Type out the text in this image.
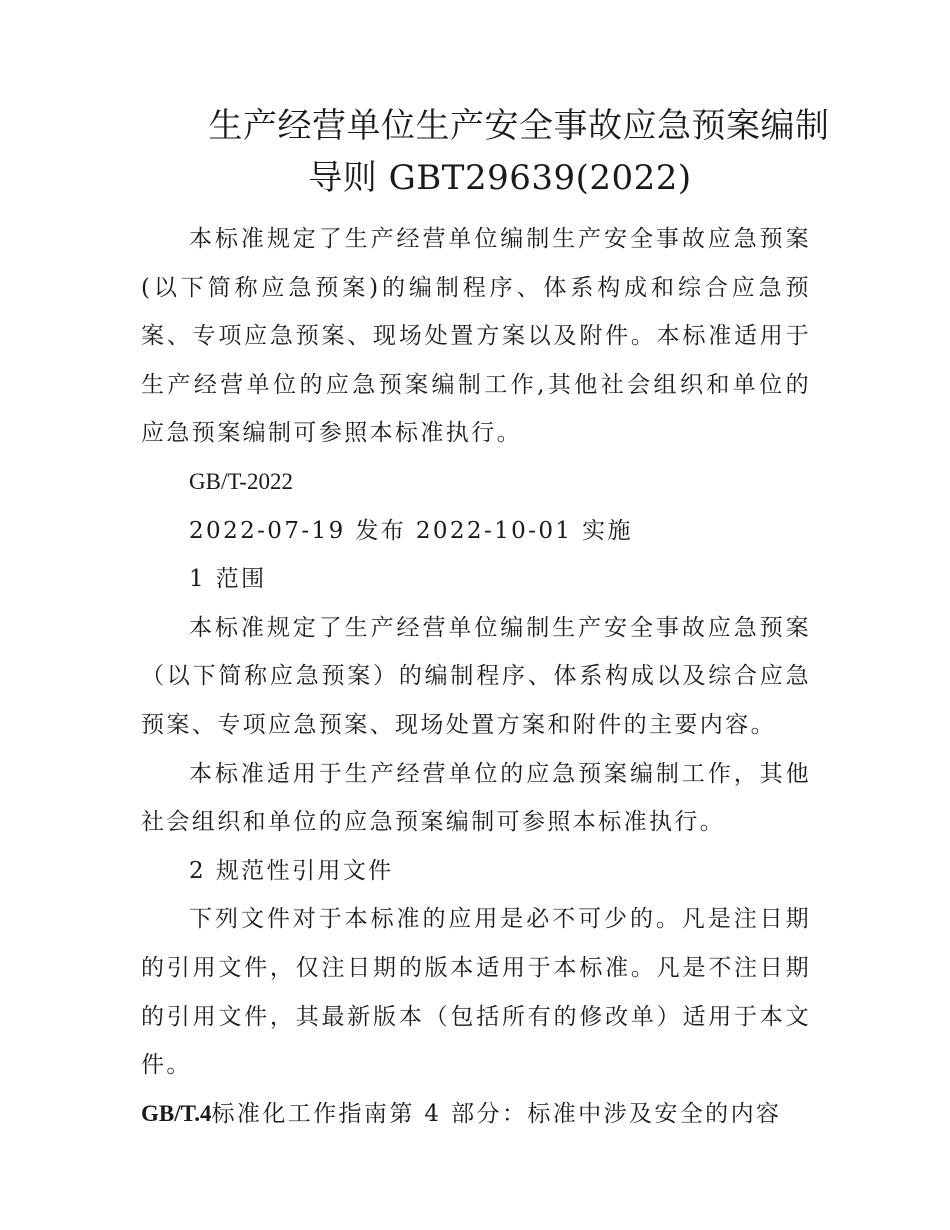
生产经营单位生产安全事故应急预案编制
导则 GBT29639(2022)

本标准规定了生产经营单位编制生产安全事故应急预案(以下简称应急预案)的编制程序、体系构成和综合应急预案、专项应急预案、现场处置方案以及附件。本标准适用于生产经营单位的应急预案编制工作,其他社会组织和单位的应急预案编制可参照本标准执行。

GB/T-2022

2022-07-19 发布 2022-10-01 实施

1 范围

本标准规定了生产经营单位编制生产安全事故应急预案（以下简称应急预案）的编制程序、体系构成以及综合应急预案、专项应急预案、现场处置方案和附件的主要内容。

本标准适用于生产经营单位的应急预案编制工作，其他社会组织和单位的应急预案编制可参照本标准执行。

2 规范性引用文件

下列文件对于本标准的应用是必不可少的。凡是注日期的引用文件，仅注日期的版本适用于本标准。凡是不注日期的引用文件，其最新版本（包括所有的修改单）适用于本文件。

GB/T.4标准化工作指南第 4 部分：标准中涉及安全的内容
